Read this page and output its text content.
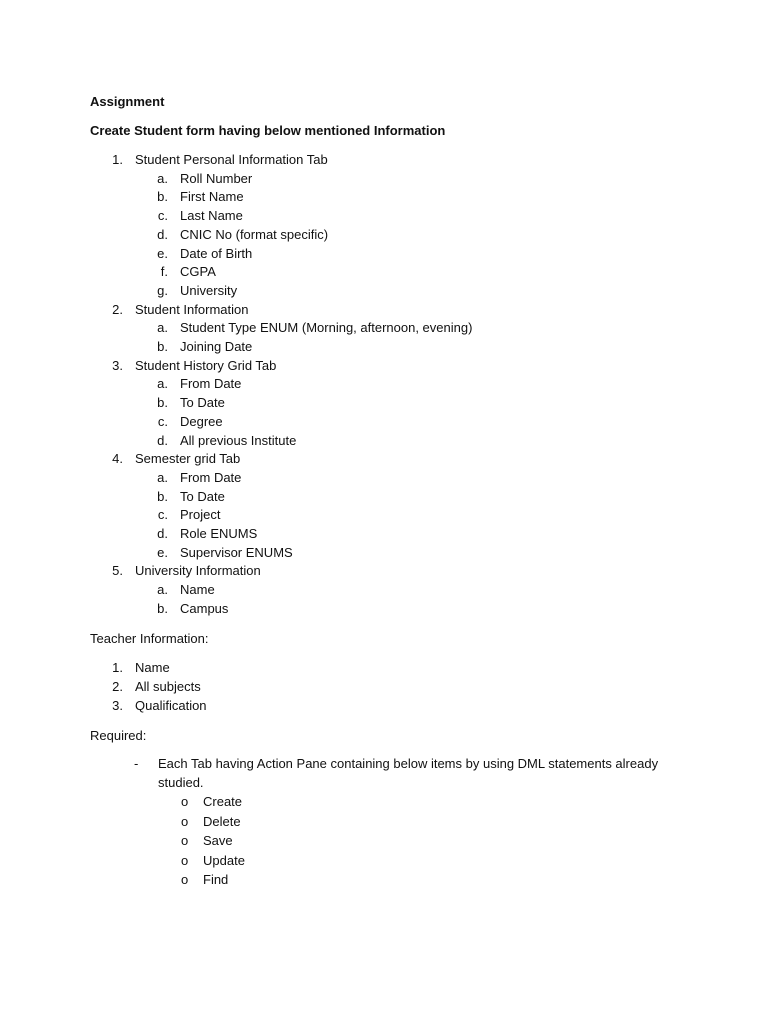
Assignment
Create Student form having below mentioned Information
1. Student Personal Information Tab
a. Roll Number
b. First Name
c. Last Name
d. CNIC No (format specific)
e. Date of Birth
f. CGPA
g. University
2. Student Information
a. Student Type ENUM (Morning, afternoon, evening)
b. Joining Date
3. Student History Grid Tab
a. From Date
b. To Date
c. Degree
d. All previous Institute
4. Semester grid Tab
a. From Date
b. To Date
c. Project
d. Role ENUMS
e. Supervisor ENUMS
5. University Information
a. Name
b. Campus
Teacher Information:
1. Name
2. All subjects
3. Qualification
Required:
- Each Tab having Action Pane containing below items by using DML statements already
studied.
o Create
o Delete
o Save
o Update
o Find
